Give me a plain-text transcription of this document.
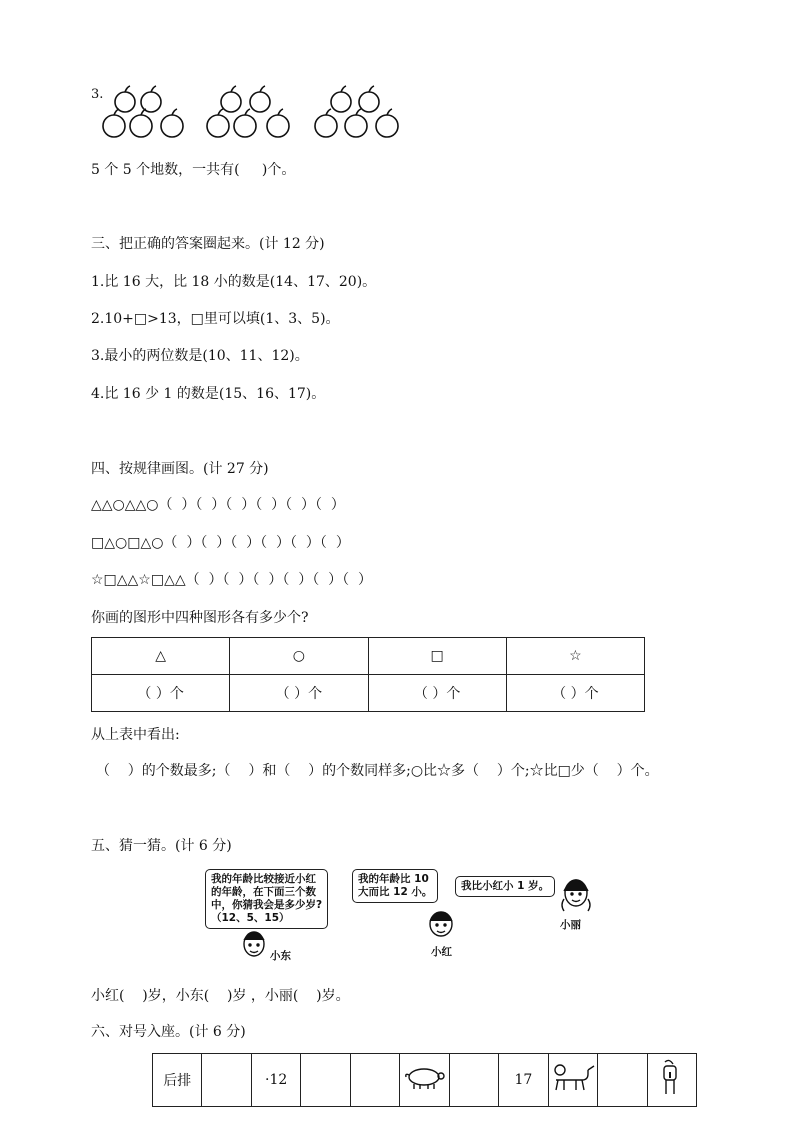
3.
5 个 5 个地数，一共有(     )个。
三、把正确的答案圈起来。(计 12 分)
1.比 16 大，比 18 小的数是(14、17、20)。
2.10+□>13，□里可以填(1、3、5)。
3.最小的两位数是(10、11、12)。
4.比 16 少 1 的数是(15、16、17)。
四、按规律画图。(计 27 分)
△△○△△○（  ）（  ）（  ）（  ）（  ）（  ）
□△○□△○（  ）（  ）（  ）（  ）（  ）（  ）
☆□△△☆□△△（  ）（  ）（  ）（  ）（  ）（  ）
你画的图形中四种图形各有多少个?
△	○	□	☆
（ ）个	（ ）个	（ ）个	（ ）个
从上表中看出:
（    ）的个数最多;（    ）和（    ）的个数同样多;○比☆多（    ）个;☆比□少（    ）个。
五、猜一猜。(计 6 分)
我的年龄比较接近小红
的年龄，在下面三个数
中，你猜我会是多少岁?
（12、5、15）
我的年龄比 10
大而比 12 小。	我比小红小 1 岁。
小东	小红
小丽
小红(    )岁，小东(    )岁 ，小丽(    )岁。
六、对号入座。(计 6 分)
后排		·12					17			
